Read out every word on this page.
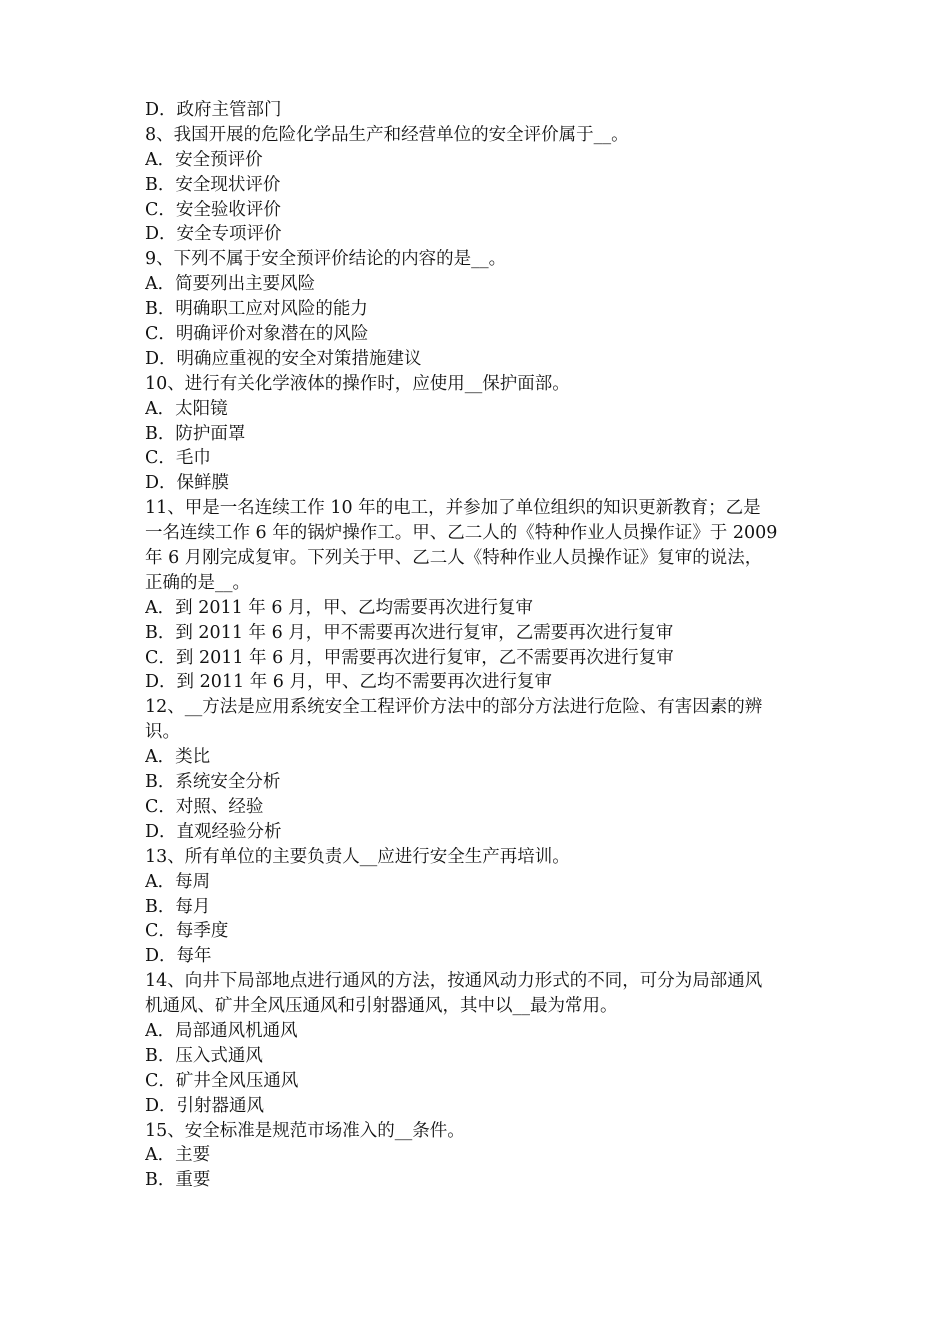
D．政府主管部门
8、我国开展的危险化学品生产和经营单位的安全评价属于__。
A．安全预评价
B．安全现状评价
C．安全验收评价
D．安全专项评价
9、下列不属于安全预评价结论的内容的是__。
A．简要列出主要风险
B．明确职工应对风险的能力
C．明确评价对象潜在的风险
D．明确应重视的安全对策措施建议
10、进行有关化学液体的操作时，应使用__保护面部。
A．太阳镜
B．防护面罩
C．毛巾
D．保鲜膜
11、甲是一名连续工作 10 年的电工，并参加了单位组织的知识更新教育；乙是
一名连续工作 6 年的锅炉操作工。甲、乙二人的《特种作业人员操作证》于 2009
年 6 月刚完成复审。下列关于甲、乙二人《特种作业人员操作证》复审的说法，
正确的是__。
A．到 2011 年 6 月，甲、乙均需要再次进行复审
B．到 2011 年 6 月，甲不需要再次进行复审，乙需要再次进行复审
C．到 2011 年 6 月，甲需要再次进行复审，乙不需要再次进行复审
D．到 2011 年 6 月，甲、乙均不需要再次进行复审
12、__方法是应用系统安全工程评价方法中的部分方法进行危险、有害因素的辨
识。
A．类比
B．系统安全分析
C．对照、经验
D．直观经验分析
13、所有单位的主要负责人__应进行安全生产再培训。
A．每周
B．每月
C．每季度
D．每年
14、向井下局部地点进行通风的方法，按通风动力形式的不同，可分为局部通风
机通风、矿井全风压通风和引射器通风，其中以__最为常用。
A．局部通风机通风
B．压入式通风
C．矿井全风压通风
D．引射器通风
15、安全标准是规范市场准入的__条件。
A．主要
B．重要
